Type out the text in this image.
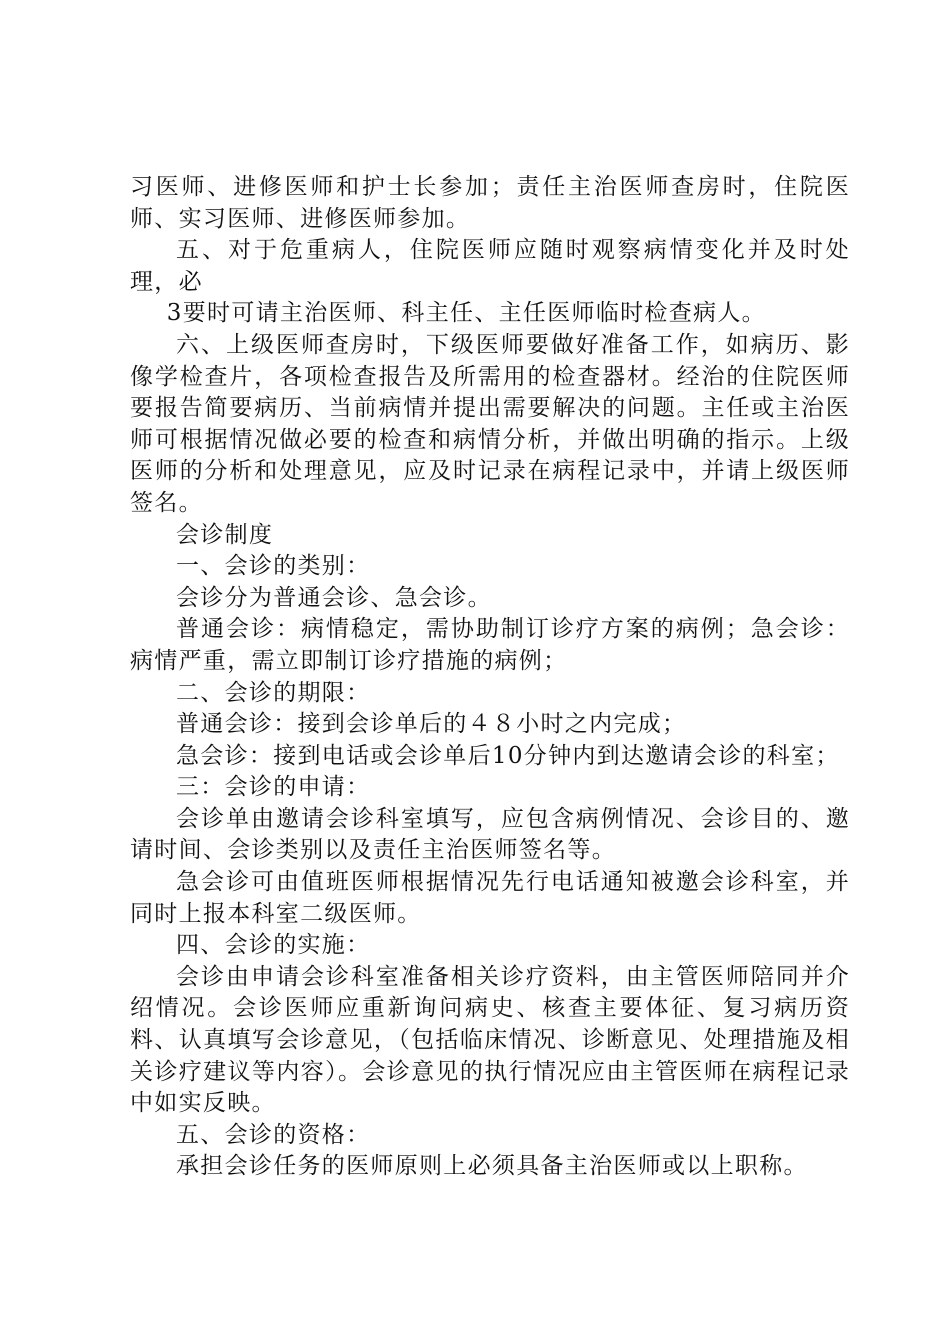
习医师、进修医师和护士长参加；责任主治医师查房时，住院医师、实习医师、进修医师参加。

五、对于危重病人，住院医师应随时观察病情变化并及时处理，必

3要时可请主治医师、科主任、主任医师临时检查病人。

六、上级医师查房时，下级医师要做好准备工作，如病历、影像学检查片，各项检查报告及所需用的检查器材。经治的住院医师要报告简要病历、当前病情并提出需要解决的问题。主任或主治医师可根据情况做必要的检查和病情分析，并做出明确的指示。上级医师的分析和处理意见，应及时记录在病程记录中，并请上级医师签名。

会诊制度

一、会诊的类别：

会诊分为普通会诊、急会诊。

普通会诊：病情稳定，需协助制订诊疗方案的病例；急会诊：病情严重，需立即制订诊疗措施的病例；

二、会诊的期限：

普通会诊：接到会诊单后的４８小时之内完成；

急会诊：接到电话或会诊单后10分钟内到达邀请会诊的科室；

三：会诊的申请：

会诊单由邀请会诊科室填写，应包含病例情况、会诊目的、邀请时间、会诊类别以及责任主治医师签名等。

急会诊可由值班医师根据情况先行电话通知被邀会诊科室，并同时上报本科室二级医师。

四、会诊的实施：

会诊由申请会诊科室准备相关诊疗资料，由主管医师陪同并介绍情况。会诊医师应重新询问病史、核查主要体征、复习病历资料、认真填写会诊意见，（包括临床情况、诊断意见、处理措施及相关诊疗建议等内容）。会诊意见的执行情况应由主管医师在病程记录中如实反映。

五、会诊的资格：

承担会诊任务的医师原则上必须具备主治医师或以上职称。
